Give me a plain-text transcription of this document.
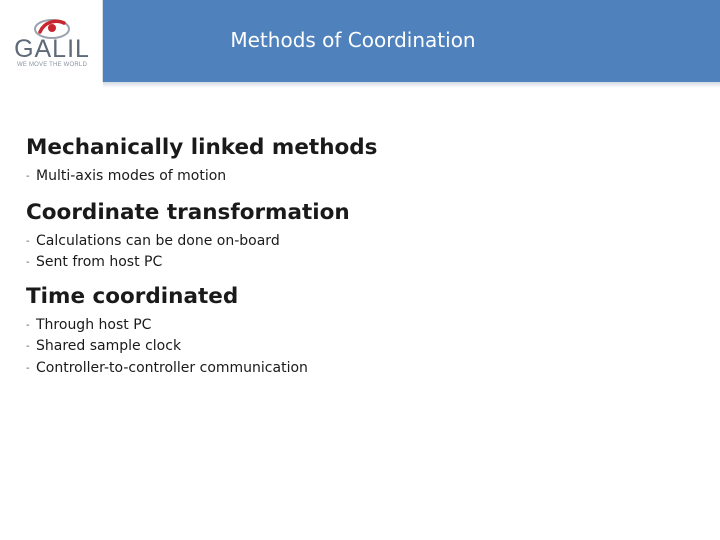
GALIL
WE MOVE THE WORLD
Methods of Coordination
Mechanically linked methods
- Multi-axis modes of motion
Coordinate transformation
- Calculations can be done on-board
- Sent from host PC
Time coordinated
- Through host PC
- Shared sample clock
- Controller-to-controller communication
